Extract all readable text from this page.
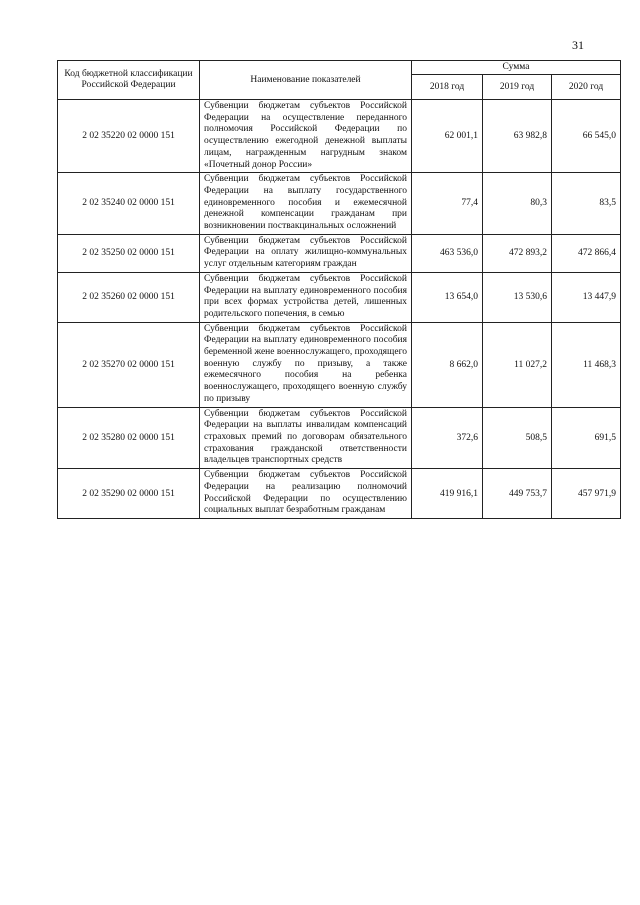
31
Код бюджетной классификации Российской Федерации	Наименование показателей	Сумма		
		2018 год	2019 год	2020 год
2 02 35220 02 0000 151	Субвенции бюджетам субъектов Российской Федерации на осуществление переданного полномочия Российской Федерации по осуществлению ежегодной денежной выплаты лицам, награжденным нагрудным знаком «Почетный донор России»	62 001,1	63 982,8	66 545,0
2 02 35240 02 0000 151	Субвенции бюджетам субъектов Российской Федерации на выплату государственного единовременного пособия и ежемесячной денежной компенсации гражданам при возникновении поствакцинальных осложнений	77,4	80,3	83,5
2 02 35250 02 0000 151	Субвенции бюджетам субъектов Российской Федерации на оплату жилищно-коммунальных услуг отдельным категориям граждан	463 536,0	472 893,2	472 866,4
2 02 35260 02 0000 151	Субвенции бюджетам субъектов Российской Федерации на выплату единовременного пособия при всех формах устройства детей, лишенных родительского попечения, в семью	13 654,0	13 530,6	13 447,9
2 02 35270 02 0000 151	Субвенции бюджетам субъектов Российской Федерации на выплату единовременного пособия беременной жене военнослужащего, проходящего военную службу по призыву, а также ежемесячного пособия на ребенка военнослужащего, проходящего военную службу по призыву	8 662,0	11 027,2	11 468,3
2 02 35280 02 0000 151	Субвенции бюджетам субъектов Российской Федерации на выплаты инвалидам компенсаций страховых премий по договорам обязательного страхования гражданской ответственности владельцев транспортных средств	372,6	508,5	691,5
2 02 35290 02 0000 151	Субвенции бюджетам субъектов Российской Федерации на реализацию полномочий Российской Федерации по осуществлению социальных выплат безработным гражданам	419 916,1	449 753,7	457 971,9
